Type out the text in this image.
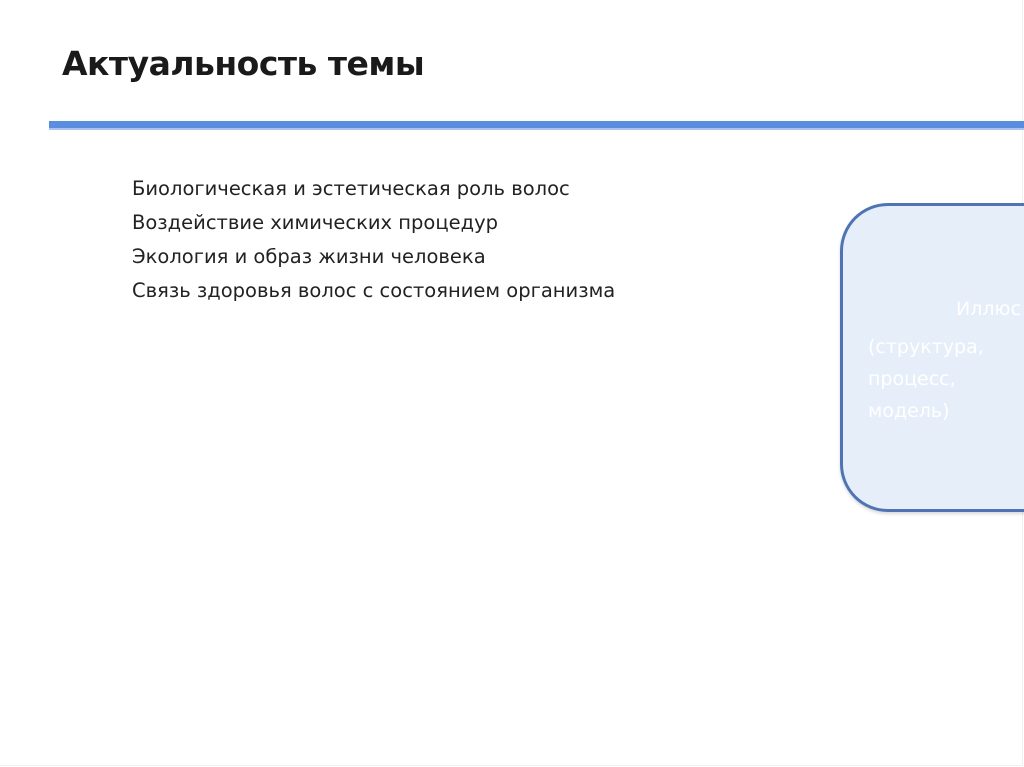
Актуальность темы
Биологическая и эстетическая роль волос
Воздействие химических процедур
Экология и образ жизни человека
Связь здоровья волос с состоянием организма
Иллюс
(структура,
процесс,
модель)
